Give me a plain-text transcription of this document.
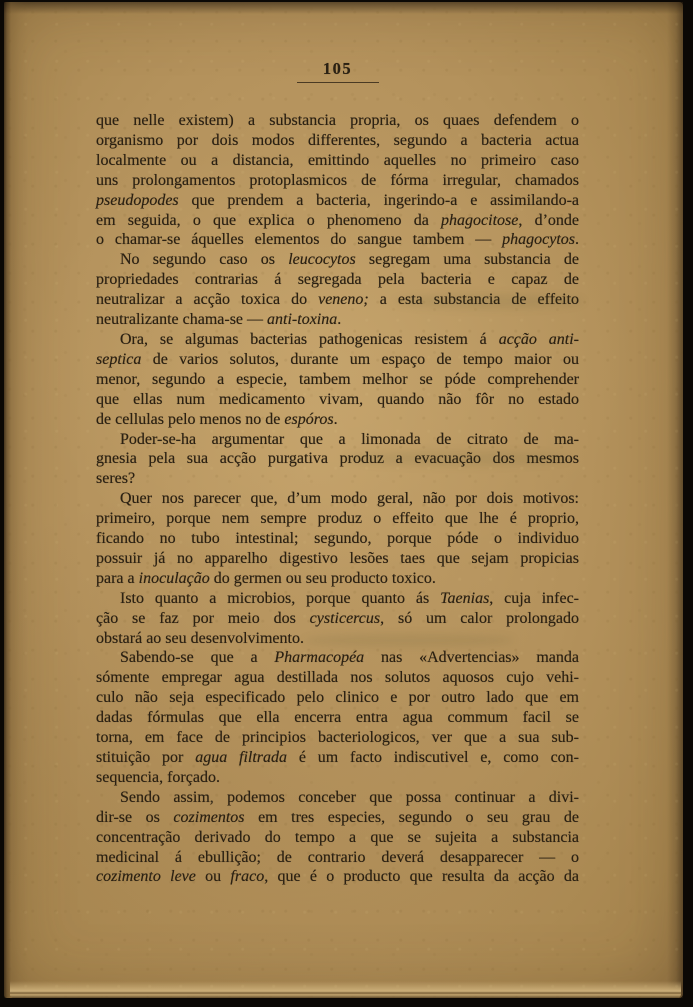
105
que nelle existem) a substancia propria, os quaes defendem o
organismo por dois modos differentes, segundo a bacteria actua
localmente ou a distancia, emittindo aquelles no primeiro caso
uns prolongamentos protoplasmicos de fórma irregular, chamados
pseudopodes que prendem a bacteria, ingerindo-a e assimilando-a
em seguida, o que explica o phenomeno da phagocitose, d’onde
o chamar-se áquelles elementos do sangue tambem — phagocytos.
No segundo caso os leucocytos segregam uma substancia de
propriedades contrarias á segregada pela bacteria e capaz de
neutralizar a acção toxica do veneno; a esta substancia de effeito
neutralizante chama-se — anti-toxina.
Ora, se algumas bacterias pathogenicas resistem á acção anti-
septica de varios solutos, durante um espaço de tempo maior ou
menor, segundo a especie, tambem melhor se póde comprehender
que ellas num medicamento vivam, quando não fôr no estado
de cellulas pelo menos no de espóros.
Poder-se-ha argumentar que a limonada de citrato de ma-
gnesia pela sua acção purgativa produz a evacuação dos mesmos
seres?
Quer nos parecer que, d’um modo geral, não por dois motivos:
primeiro, porque nem sempre produz o effeito que lhe é proprio,
ficando no tubo intestinal; segundo, porque póde o individuo
possuir já no apparelho digestivo lesões taes que sejam propicias
para a inoculação do germen ou seu producto toxico.
Isto quanto a microbios, porque quanto ás Taenias, cuja infec-
ção se faz por meio dos cysticercus, só um calor prolongado
obstará ao seu desenvolvimento.
Sabendo-se que a Pharmacopéa nas «Advertencias» manda
sómente empregar agua destillada nos solutos aquosos cujo vehi-
culo não seja especificado pelo clinico e por outro lado que em
dadas fórmulas que ella encerra entra agua commum facil se
torna, em face de principios bacteriologicos, ver que a sua sub-
stituição por agua filtrada é um facto indiscutivel e, como con-
sequencia, forçado.
Sendo assim, podemos conceber que possa continuar a divi-
dir-se os cozimentos em tres especies, segundo o seu grau de
concentração derivado do tempo a que se sujeita a substancia
medicinal á ebullição; de contrario deverá desapparecer — o
cozimento leve ou fraco, que é o producto que resulta da acção da
